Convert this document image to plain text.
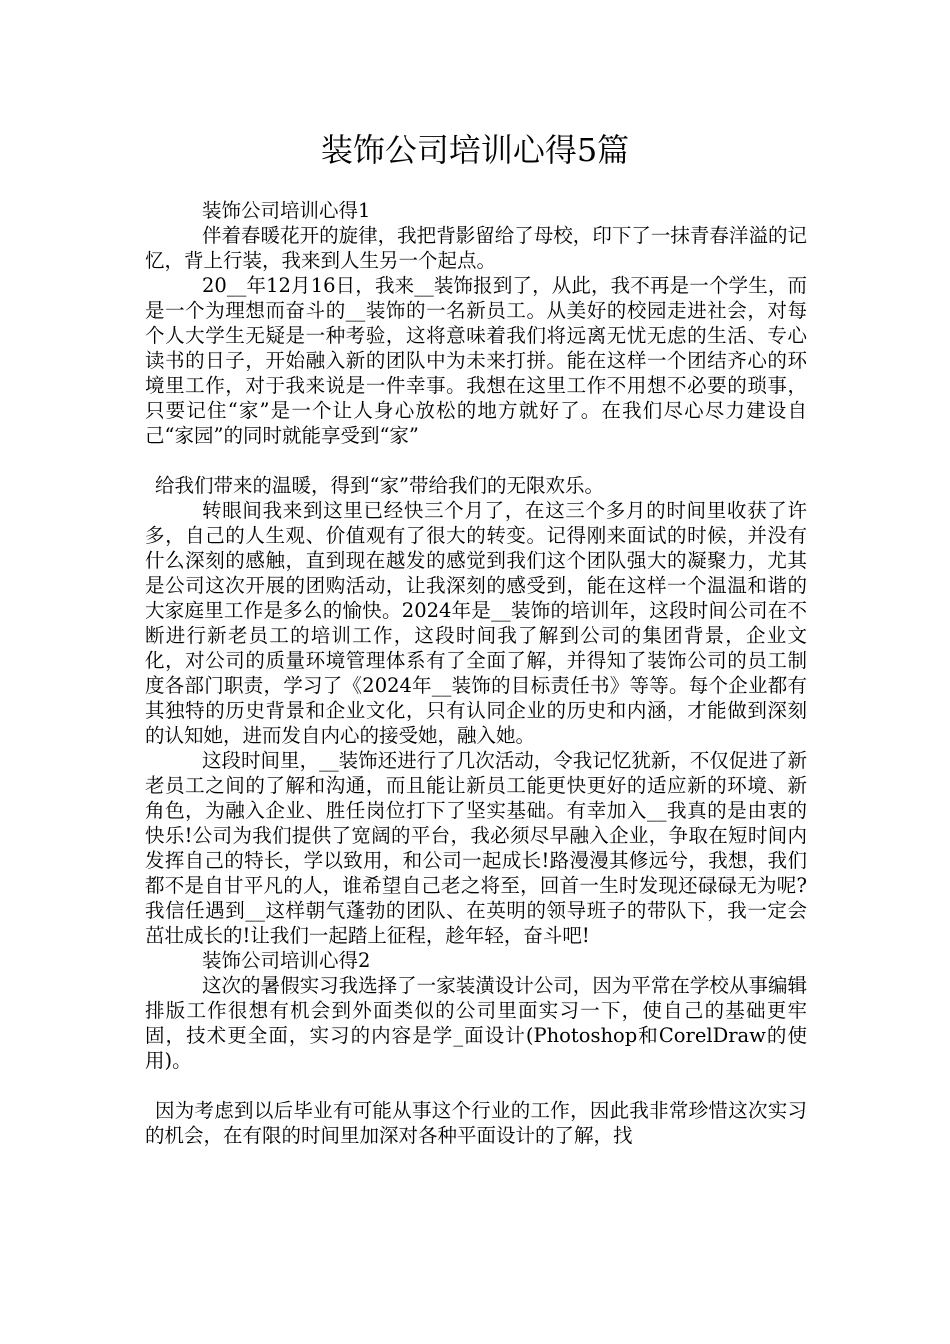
装饰公司培训心得5篇

装饰公司培训心得1

伴着春暖花开的旋律，我把背影留给了母校，印下了一抹青春洋溢的记忆，背上行装，我来到人生另一个起点。

20__年12月16日，我来__装饰报到了，从此，我不再是一个学生，而是一个为理想而奋斗的__装饰的一名新员工。从美好的校园走进社会，对每个人大学生无疑是一种考验，这将意味着我们将远离无忧无虑的生活、专心读书的日子，开始融入新的团队中为未来打拼。能在这样一个团结齐心的环境里工作，对于我来说是一件幸事。我想在这里工作不用想不必要的琐事，只要记住“家”是一个让人身心放松的地方就好了。在我们尽心尽力建设自己“家园”的同时就能享受到“家”

给我们带来的温暖，得到“家”带给我们的无限欢乐。

转眼间我来到这里已经快三个月了，在这三个多月的时间里收获了许多，自己的人生观、价值观有了很大的转变。记得刚来面试的时候，并没有什么深刻的感触，直到现在越发的感觉到我们这个团队强大的凝聚力，尤其是公司这次开展的团购活动，让我深刻的感受到，能在这样一个温温和谐的大家庭里工作是多么的愉快。2024年是__装饰的培训年，这段时间公司在不断进行新老员工的培训工作，这段时间我了解到公司的集团背景，企业文化，对公司的质量环境管理体系有了全面了解，并得知了装饰公司的员工制度各部门职责，学习了《2024年__装饰的目标责任书》等等。每个企业都有其独特的历史背景和企业文化，只有认同企业的历史和内涵，才能做到深刻的认知她，进而发自内心的接受她，融入她。

这段时间里，__装饰还进行了几次活动，令我记忆犹新，不仅促进了新老员工之间的了解和沟通，而且能让新员工能更快更好的适应新的环境、新角色，为融入企业、胜任岗位打下了坚实基础。有幸加入__我真的是由衷的快乐!公司为我们提供了宽阔的平台，我必须尽早融入企业，争取在短时间内发挥自己的特长，学以致用，和公司一起成长!路漫漫其修远兮，我想，我们都不是自甘平凡的人，谁希望自己老之将至，回首一生时发现还碌碌无为呢?我信任遇到__这样朝气蓬勃的团队、在英明的领导班子的带队下，我一定会茁壮成长的!让我们一起踏上征程，趁年轻，奋斗吧!

装饰公司培训心得2

这次的暑假实习我选择了一家装潢设计公司，因为平常在学校从事编辑排版工作很想有机会到外面类似的公司里面实习一下，使自己的基础更牢固，技术更全面，实习的内容是学_面设计(Photoshop和CorelDraw的使用)。

因为考虑到以后毕业有可能从事这个行业的工作，因此我非常珍惜这次实习的机会，在有限的时间里加深对各种平面设计的了解，找
